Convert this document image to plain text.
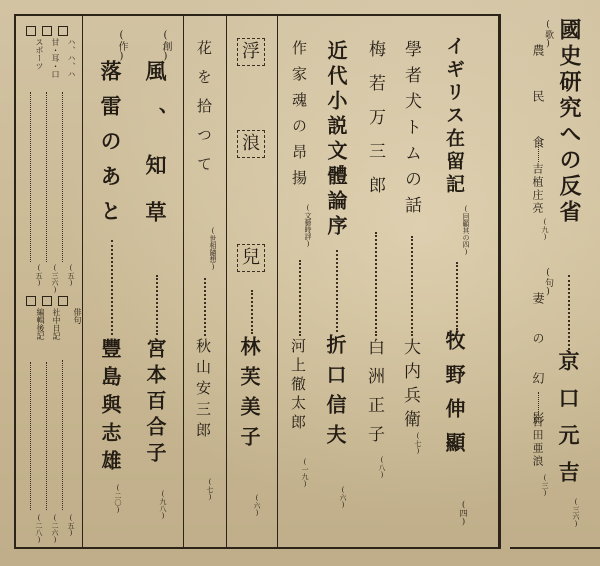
國史研究への反省

京口元吉

(三六)

(歌)

農 民 食

吉植庄亮

(九)

(句)

妻 の 幻 影

日田亜浪

(三)

イギリス在留記

(回顧其の四)

牧野伸顯

(四)

學者犬トムの話

大内兵衛

(七)

梅若万三郎

白洲正子

(八)

近代小説文體論序

折口信夫

(六)

作家魂の昂揚

(文藝時評)

河上徹太郎

(一九)

浮
浪
兒

林芙美子

(六)

花を拾つて

(世相隨想)

秋山安三郎

(七)

(創)

(作)

風、知草

宮本百合子

(九八)

落雷のあと

豐島與志雄

(二〇)

ハ、ハ、ハ

(五)

甘・耳・口

(三六)

スポーツ

(五)

俳句

(五)

社中日記

(二六)

編輯後記

(二八)
